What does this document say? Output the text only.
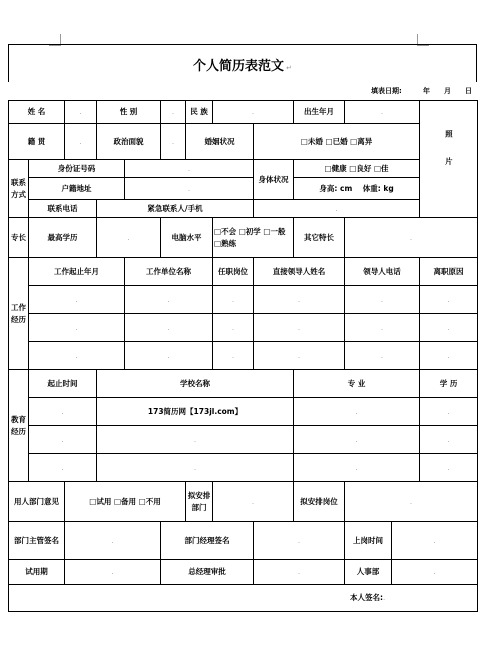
个人简历表范文 ↵
填表日期:	年 月 日
姓 名		.	性 别		.	民 族	.		出生年月	.		照片
籍 贯		.	政治面貌		.	婚姻状况		□未婚 □已婚 □离异				
联系方式	身份证号码			.				身体状况	□健康 □良好 □佳			
	户籍地址			.					身高: cm 体重: kg			
	联系电话		紧急联系人/手机					.				
专长	最高学历		.		电脑水平		□不会 □初学 □一般 □熟练		其它特长	.		
工作经历	工作起止年月			工作单位名称			任职岗位	直接领导人姓名		领导人电话		离职原因
	.			.			.	.		.		.
	.			.			.	.		.		.
	.			.			.	.		.		.
教育经历	起止时间		学校名称						专 业			学 历
	.		173简历网【173jl.com】						.			.
	.		.						.			.
	.		.						.			.
用人部门意见		□试用 □备用 □不用				拟安排部门	.		拟安排岗位	.		
部门主管签名		.			部门经理签名			.		上岗时间	.	
试用期		.			总经理审批			.		人事部	.	
本人签名:.												
